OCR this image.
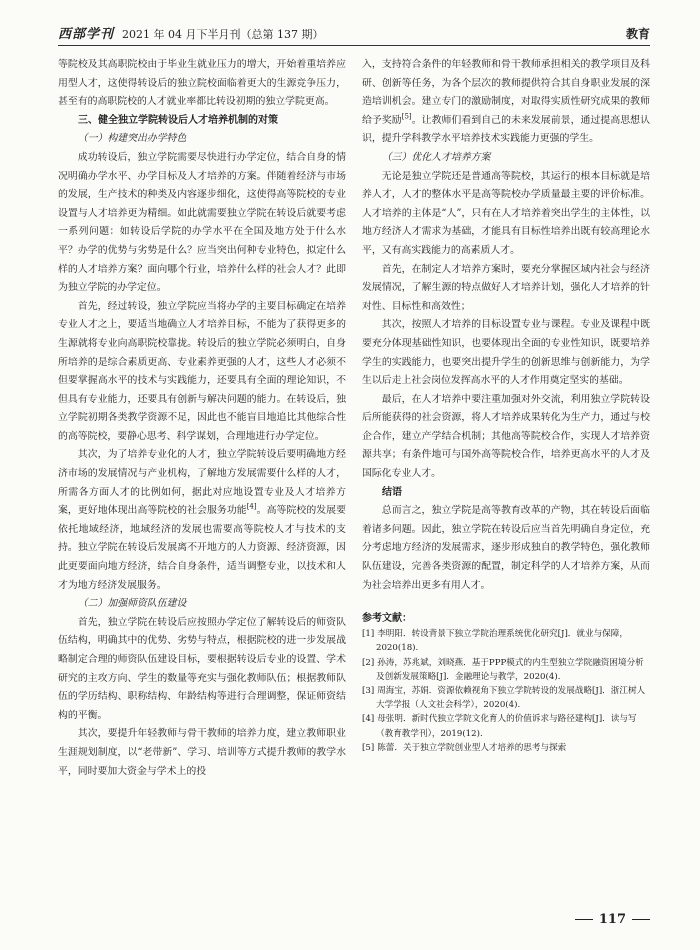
西部学刊 2021 年 04 月下半月刊（总第 137 期）	教育

等院校及其高职院校由于毕业生就业压力的增大，开始着重培养应用型人才，这使得转设后的独立院校面临着更大的生源竞争压力，甚至有的高职院校的人才就业率都比转设初期的独立学院更高。

三、健全独立学院转设后人才培养机制的对策

（一）构建突出办学特色

成功转设后，独立学院需要尽快进行办学定位，结合自身的情况明确办学水平、办学目标及人才培养的方案。伴随着经济与市场的发展，生产技术的种类及内容逐步细化，这使得高等院校的专业设置与人才培养更为精细。如此就需要独立学院在转设后就要考虑一系列问题：如转设后学院的办学水平在全国及地方处于什么水平？办学的优势与劣势是什么？应当突出何种专业特色，拟定什么样的人才培养方案？面向哪个行业，培养什么样的社会人才？此即为独立学院的办学定位。

首先，经过转设，独立学院应当将办学的主要目标确定在培养专业人才之上，要适当地确立人才培养目标，不能为了获得更多的生源就将专业向高职院校靠拢。转设后的独立学院必须明白，自身所培养的是综合素质更高、专业素养更强的人才，这些人才必须不但要掌握高水平的技术与实践能力，还要具有全面的理论知识，不但具有专业能力，还要具有创新与解决问题的能力。在转设后，独立学院初期各类教学资源不足，因此也不能盲目地追比其他综合性的高等院校，要静心思考、科学谋划，合理地进行办学定位。

其次，为了培养专业化的人才，独立学院转设后要明确地方经济市场的发展情况与产业机构，了解地方发展需要什么样的人才，所需各方面人才的比例如何，据此对应地设置专业及人才培养方案，更好地体现出高等院校的社会服务功能[4]。高等院校的发展要依托地域经济，地域经济的发展也需要高等院校人才与技术的支持。独立学院在转设后发展离不开地方的人力资源、经济资源，因此更要面向地方经济，结合自身条件，适当调整专业，以技术和人才为地方经济发展服务。

（二）加强师资队伍建设

首先，独立学院在转设后应按照办学定位了解转设后的师资队伍结构，明确其中的优势、劣势与特点，根据院校的进一步发展战略制定合理的师资队伍建设目标，要根据转设后专业的设置、学术研究的主攻方向、学生的数量等充实与强化教师队伍；根据教师队伍的学历结构、职称结构、年龄结构等进行合理调整，保证师资结构的平衡。

其次，要提升年轻教师与骨干教师的培养力度，建立教师职业生涯规划制度，以“老带新”、学习、培训等方式提升教师的教学水平，同时要加大资金与学术上的投

入，支持符合条件的年轻教师和骨干教师承担相关的教学项目及科研、创新等任务，为各个层次的教师提供符合其自身职业发展的深造培训机会。建立专门的激励制度，对取得实质性研究成果的教师给予奖励[5]。让教师们看到自己的未来发展前景，通过提高思想认识，提升学科教学水平培养技术实践能力更强的学生。

（三）优化人才培养方案

无论是独立学院还是普通高等院校，其运行的根本目标就是培养人才，人才的整体水平是高等院校办学质量最主要的评价标准。人才培养的主体是“人”，只有在人才培养着突出学生的主体性，以地方经济人才需求为基础，才能具有目标性培养出既有较高理论水平，又有高实践能力的高素质人才。

首先，在制定人才培养方案时，要充分掌握区域内社会与经济发展情况，了解生源的特点做好人才培养计划，强化人才培养的针对性、目标性和高效性；

其次，按照人才培养的目标设置专业与课程。专业及课程中既要充分体现基础性知识，也要体现出全面的专业性知识，既要培养学生的实践能力，也要突出提升学生的创新思维与创新能力，为学生以后走上社会岗位发挥高水平的人才作用奠定坚实的基础。

最后，在人才培养中要注重加强对外交流，利用独立学院转设后所能获得的社会资源，将人才培养成果转化为生产力，通过与校企合作，建立产学结合机制；其他高等院校合作，实现人才培养资源共享；有条件地可与国外高等院校合作，培养更高水平的人才及国际化专业人才。

结语

总而言之，独立学院是高等教育改革的产物，其在转设后面临着诸多问题。因此，独立学院在转设后应当首先明确自身定位，充分考虑地方经济的发展需求，逐步形成独自的教学特色，强化教师队伍建设，完善各类资源的配置，制定科学的人才培养方案，从而为社会培养出更多有用人才。

参考文献：

[1] 李明阳．转设背景下独立学院治理系统优化研究[J]．就业与保障，2020(18).

[2] 孙涛，苏兆斌，刘晓燕．基于PPP模式的内生型独立学院融资困境分析及创新发展策略[J]．金融理论与教学，2020(4).

[3] 周海宝，苏娟．资源依赖视角下独立学院转设的发展战略[J]．浙江树人大学学报（人文社会科学），2020(4).

[4] 母张明．新时代独立学院文化育人的价值诉求与路径建构[J]．读与写（教育教学刊），2019(12).

[5] 陈蕾．关于独立学院创业型人才培养的思考与探索

117
